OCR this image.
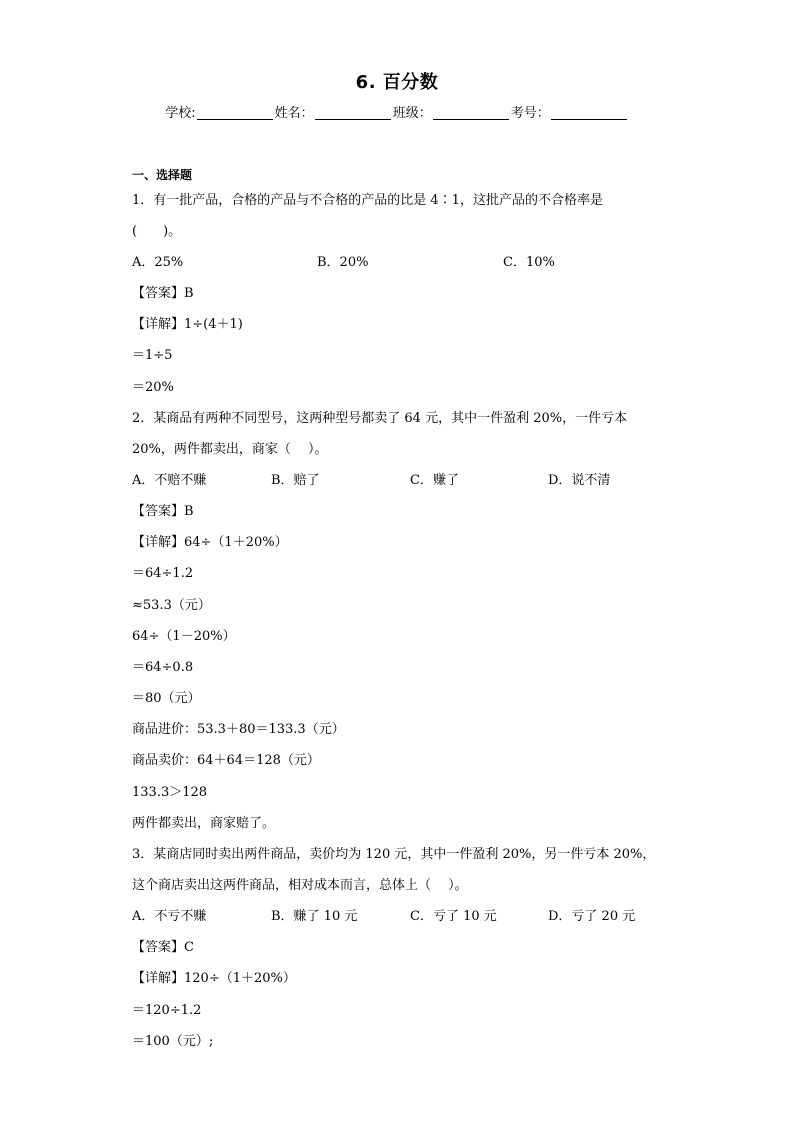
6. 百分数
学校:	姓名：	班级：	考号：
一、选择题
1．有一批产品，合格的产品与不合格的产品的比是 4∶1，这批产品的不合格率是
(　　)。
A．25%	B．20%	C．10%
【答案】B
【详解】1÷(4＋1)
＝1÷5
＝20%
2．某商品有两种不同型号，这两种型号都卖了 64 元，其中一件盈利 20%，一件亏本
20%，两件都卖出，商家（　 ）。
A．不赔不赚	B．赔了	C．赚了	D．说不清
【答案】B
【详解】64÷（1＋20%）
＝64÷1.2
≈53.3（元）
64÷（1－20%）
＝64÷0.8
＝80（元）
商品进价：53.3＋80＝133.3（元）
商品卖价：64＋64＝128（元）
133.3＞128
两件都卖出，商家赔了。
3．某商店同时卖出两件商品，卖价均为 120 元，其中一件盈利 20%，另一件亏本 20%，
这个商店卖出这两件商品，相对成本而言，总体上（　 ）。
A．不亏不赚	B．赚了 10 元	C．亏了 10 元	D．亏了 20 元
【答案】C
【详解】120÷（1＋20%）
＝120÷1.2
＝100（元）;
